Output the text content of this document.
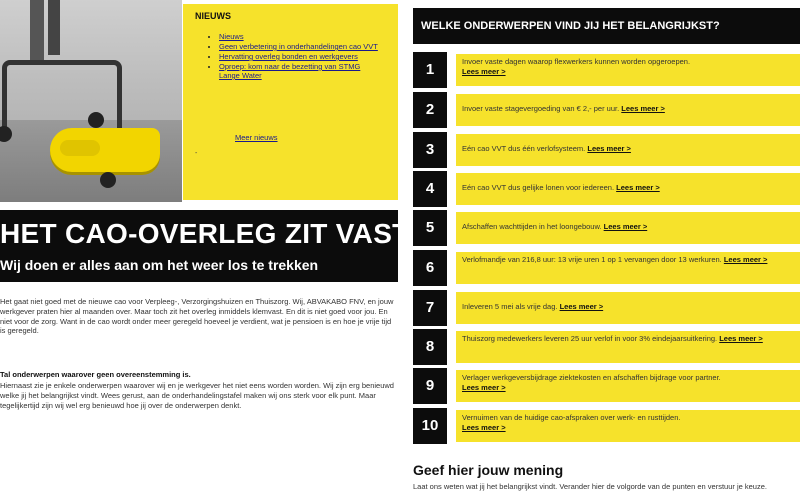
NIEUWS
• Nieuws
• Geen verbetering in onderhandelingen cao VVT
• Hervatting overleg bonden en werkgevers
• Oproep: kom naar de bezetting van STMG Lange Water
Meer nieuws
-
HET CAO-OVERLEG ZIT VAST
Wij doen er alles aan om het weer los te trekken
Het gaat niet goed met de nieuwe cao voor Verpleeg-, Verzorgingshuizen en Thuiszorg. Wij, ABVAKABO FNV, en jouw werkgever praten hier al maanden over. Maar toch zit het overleg inmiddels klemvast. En dit is niet goed voor jou. En niet voor de zorg. Want in de cao wordt onder meer geregeld hoeveel je verdient, wat je pensioen is en hoe je vrije tijd is geregeld.
Tal onderwerpen waarover geen overeenstemming is.
Hiernaast zie je enkele onderwerpen waarover wij en je werkgever het niet eens worden worden. Wij zijn erg benieuwd welke jij het belangrijkst vindt. Wees gerust, aan de onderhandelingstafel maken wij ons sterk voor elk punt. Maar tegelijkertijd zijn wij wel erg benieuwd hoe jij over de onderwerpen denkt.
WELKE ONDERWERPEN VIND JIJ HET BELANGRIJKST?
1	Invoer vaste dagen waarop flexwerkers kunnen worden opgeroepen.
Lees meer >
2	Invoer vaste stagevergoeding van € 2,- per uur. Lees meer >
3	Eén cao VVT dus één verlofsysteem. Lees meer >
4	Eén cao VVT dus gelijke lonen voor iedereen. Lees meer >
5	Afschaffen wachttijden in het loongebouw. Lees meer >
6	Verlofmandje van 216,8 uur: 13 vrije uren 1 op 1 vervangen door 13 werkuren. Lees meer >
7	Inleveren 5 mei als vrije dag. Lees meer >
8	Thuiszorg medewerkers leveren 25 uur verlof in voor 3% eindejaarsuitkering. Lees meer >
9	Verlager werkgeversbijdrage ziektekosten en afschaffen bijdrage voor partner.
Lees meer >
10	Vernuimen van de huidige cao-afspraken over werk- en rusttijden.
Lees meer >
Geef hier jouw mening
Laat ons weten wat jij het belangrijkst vindt. Verander hier de volgorde van de punten en verstuur je keuze.
